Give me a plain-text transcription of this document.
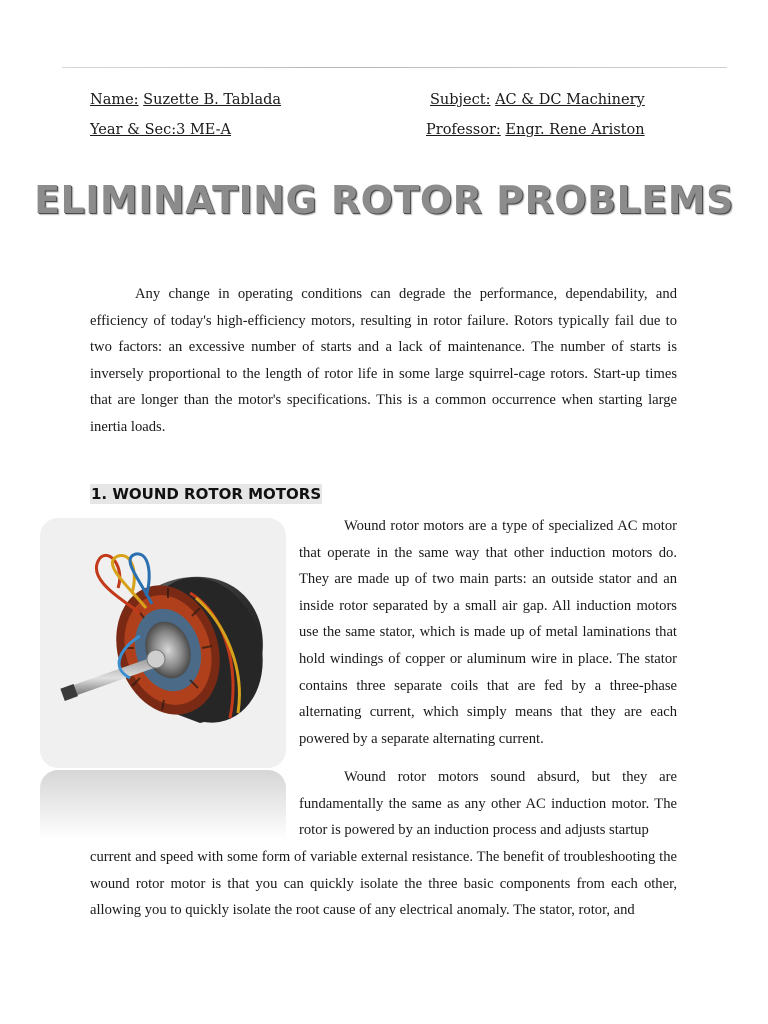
Name: Suzette B. Tablada
Year & Sec:3 ME-A
Subject: AC & DC Machinery
Professor: Engr. Rene Ariston
ELIMINATING ROTOR PROBLEMS

Any change in operating conditions can degrade the performance, dependability, and efficiency of today's high-efficiency motors, resulting in rotor failure. Rotors typically fail due to two factors: an excessive number of starts and a lack of maintenance. The number of starts is inversely proportional to the length of rotor life in some large squirrel-cage rotors. Start-up times that are longer than the motor's specifications. This is a common occurrence when starting large inertia loads.

1. WOUND ROTOR MOTORS

Wound rotor motors are a type of specialized AC motor that operate in the same way that other induction motors do. They are made up of two main parts: an outside stator and an inside rotor separated by a small air gap. All induction motors use the same stator, which is made up of metal laminations that hold windings of copper or aluminum wire in place. The stator contains three separate coils that are fed by a three-phase alternating current, which simply means that they are each powered by a separate alternating current.

Wound rotor motors sound absurd, but they are fundamentally the same as any other AC induction motor. The rotor is powered by an induction process and adjusts startup

current and speed with some form of variable external resistance. The benefit of troubleshooting the wound rotor motor is that you can quickly isolate the three basic components from each other, allowing you to quickly isolate the root cause of any electrical anomaly. The stator, rotor, and
